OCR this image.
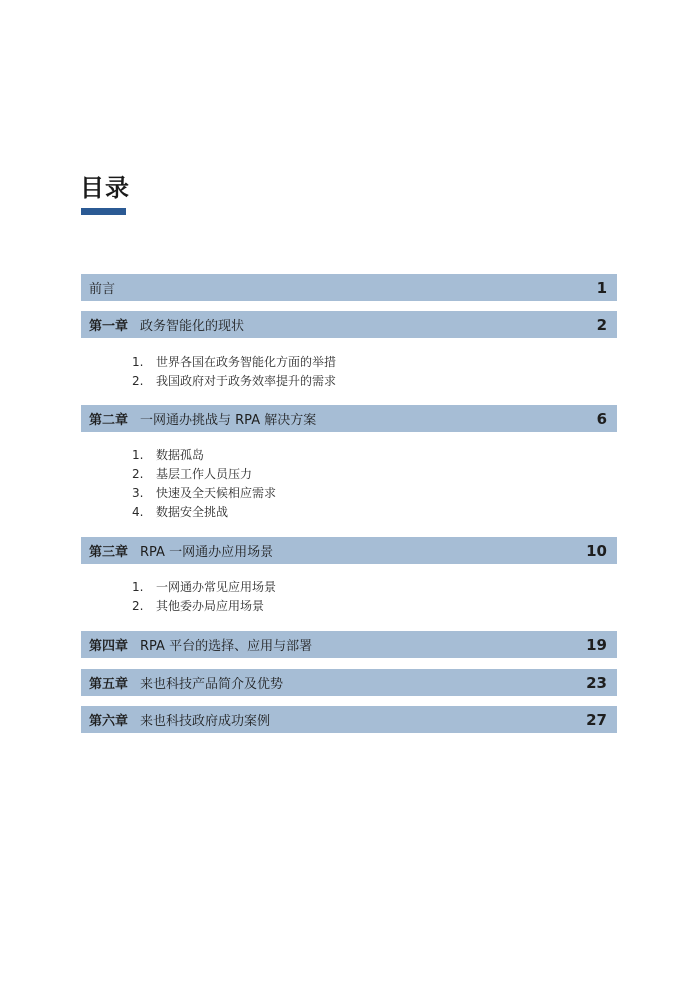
目录
前言	1
第一章 政务智能化的现状	2
1.	世界各国在政务智能化方面的举措
2.	我国政府对于政务效率提升的需求
第二章 一网通办挑战与 RPA 解决方案	6
1.	数据孤岛
2.	基层工作人员压力
3.	快速及全天候相应需求
4.	数据安全挑战
第三章 RPA 一网通办应用场景	10
1.	一网通办常见应用场景
2.	其他委办局应用场景
第四章 RPA 平台的选择、应用与部署	19
第五章 来也科技产品简介及优势	23
第六章 来也科技政府成功案例	27
